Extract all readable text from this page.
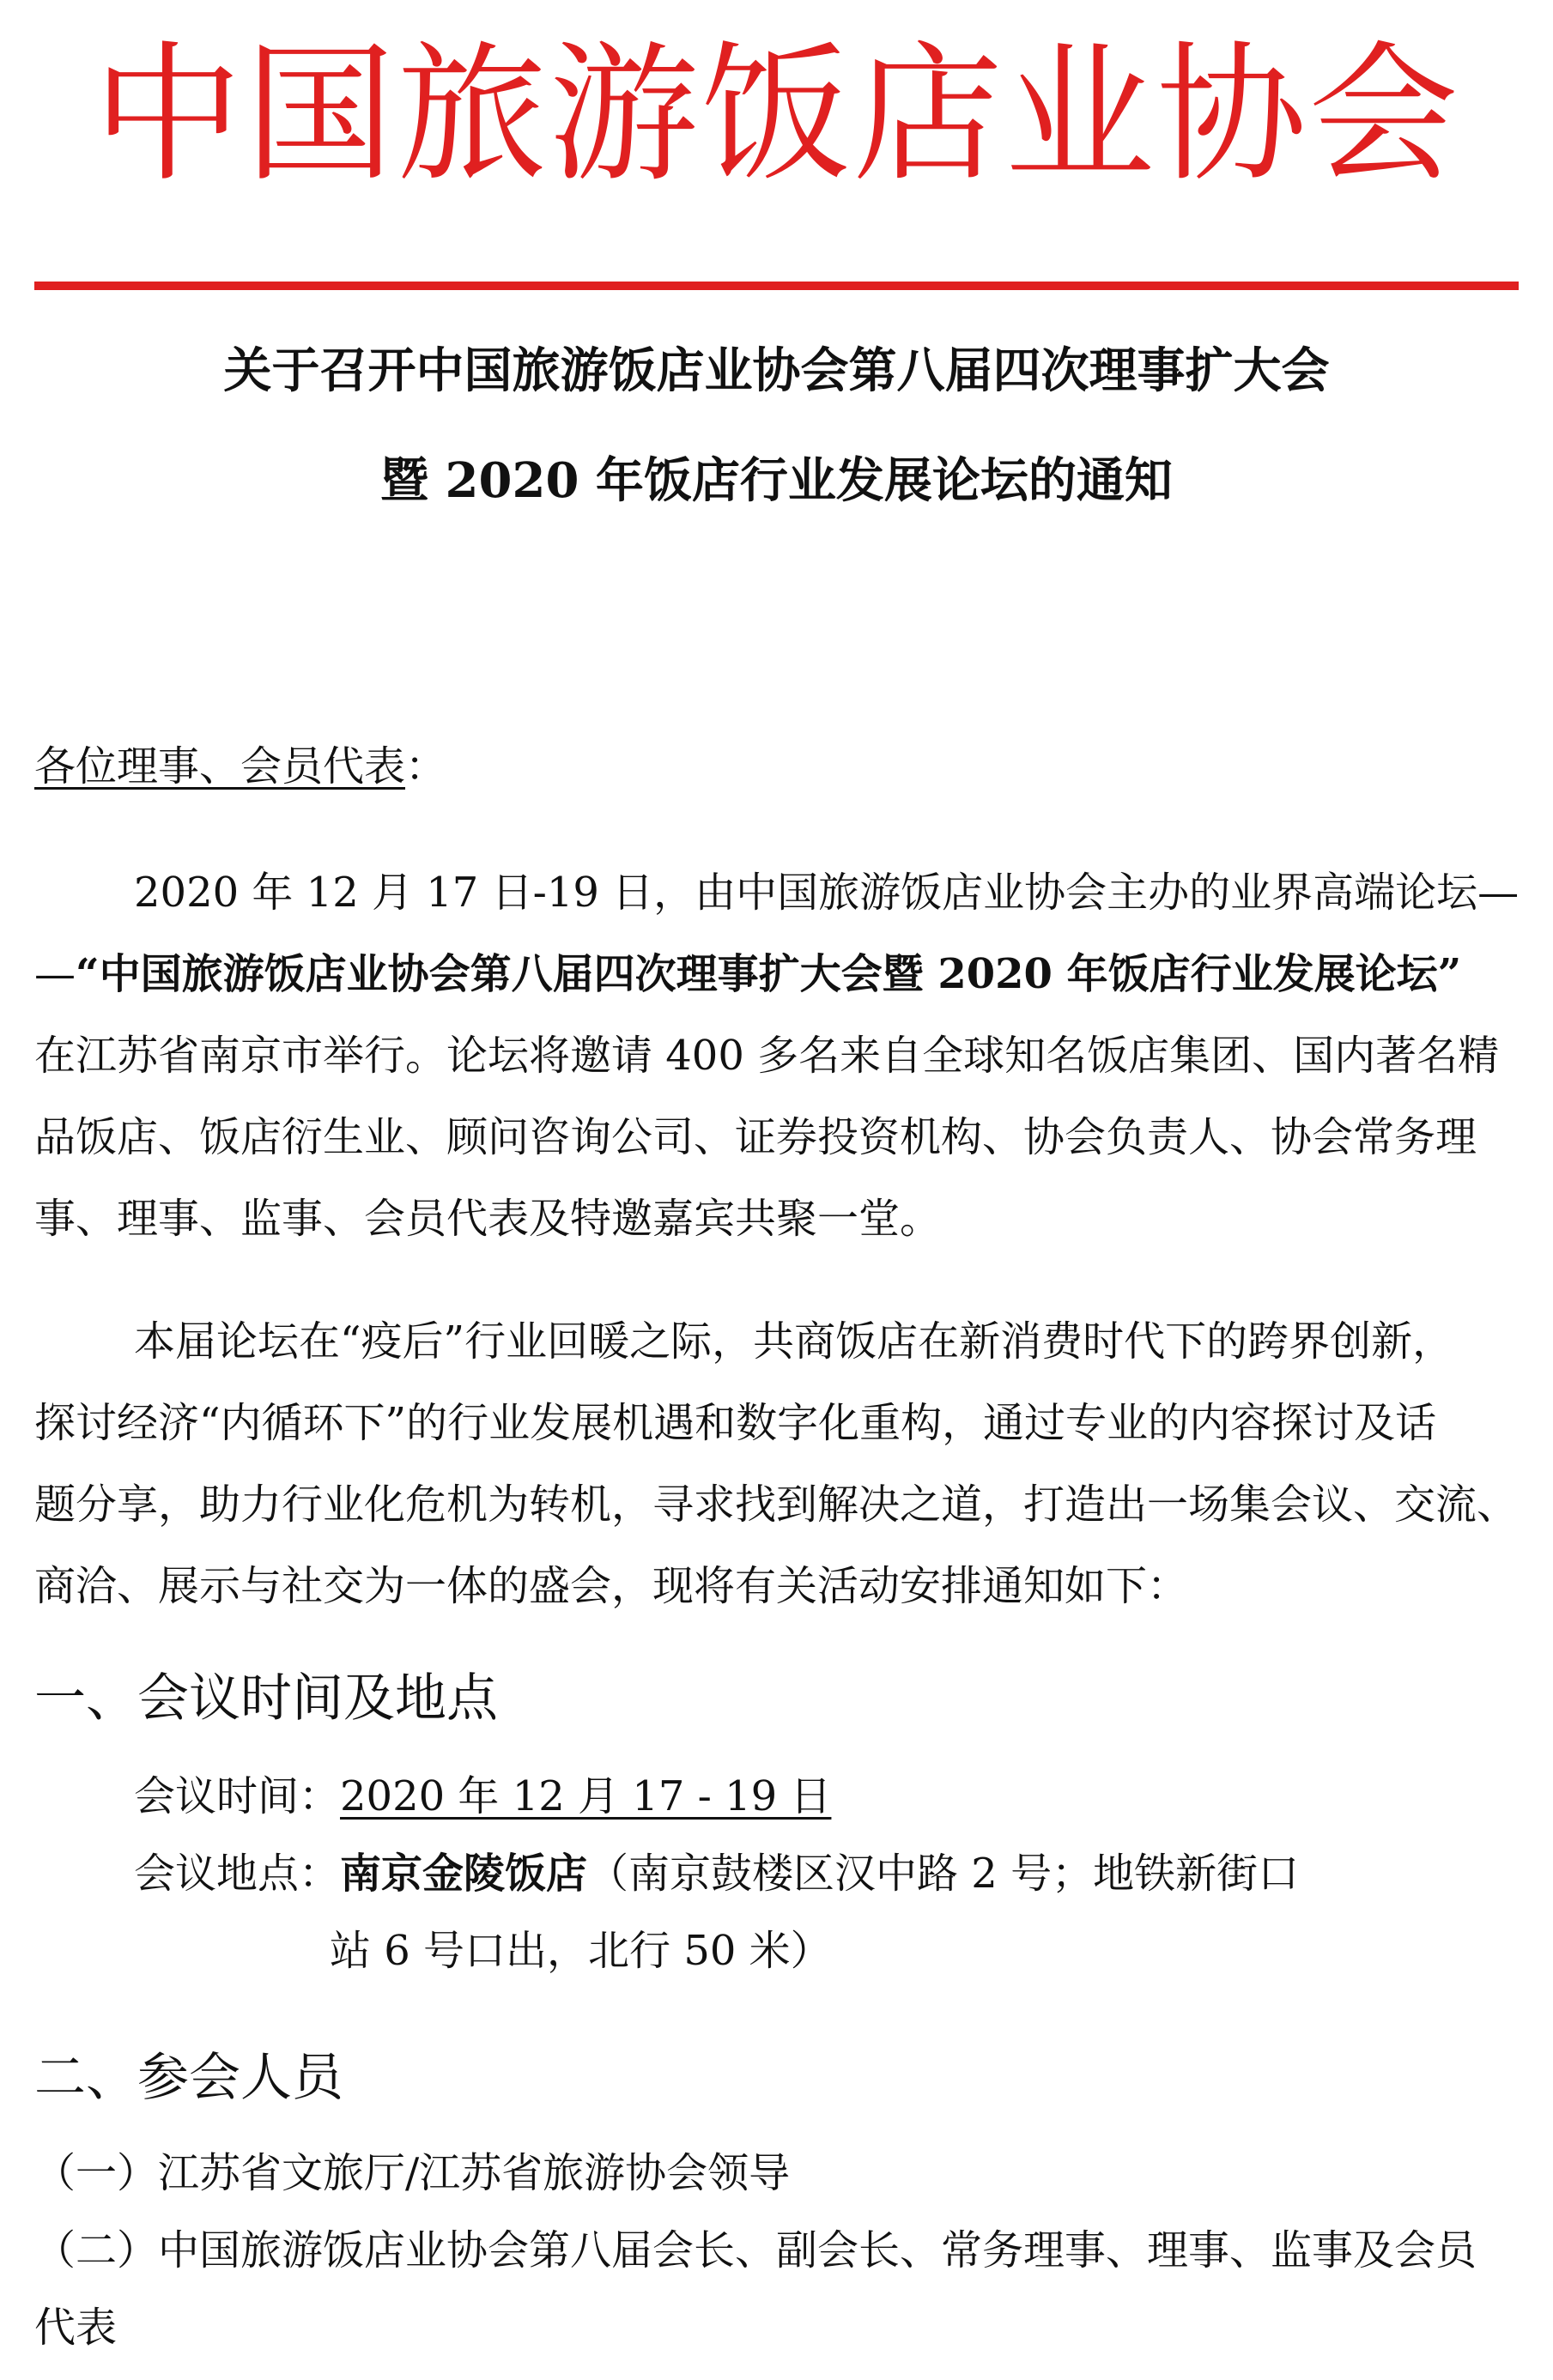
中国旅游饭店业协会
关于召开中国旅游饭店业协会第八届四次理事扩大会
暨 2020 年饭店行业发展论坛的通知
各位理事、会员代表：
2020 年 12 月 17 日-19 日，由中国旅游饭店业协会主办的业界高端论坛—
—“中国旅游饭店业协会第八届四次理事扩大会暨 2020 年饭店行业发展论坛”
在江苏省南京市举行。论坛将邀请 400 多名来自全球知名饭店集团、国内著名精
品饭店、饭店衍生业、顾问咨询公司、证券投资机构、协会负责人、协会常务理
事、理事、监事、会员代表及特邀嘉宾共聚一堂。
本届论坛在“疫后”行业回暖之际，共商饭店在新消费时代下的跨界创新，
探讨经济“内循环下”的行业发展机遇和数字化重构，通过专业的内容探讨及话
题分享，助力行业化危机为转机，寻求找到解决之道，打造出一场集会议、交流、
商洽、展示与社交为一体的盛会，现将有关活动安排通知如下：
一、会议时间及地点
会议时间：2020 年 12 月 17 - 19 日
会议地点：南京金陵饭店（南京鼓楼区汉中路 2 号；地铁新街口
站 6 号口出，北行 50 米）
二、参会人员
（一）江苏省文旅厅/江苏省旅游协会领导
（二）中国旅游饭店业协会第八届会长、副会长、常务理事、理事、监事及会员
代表
